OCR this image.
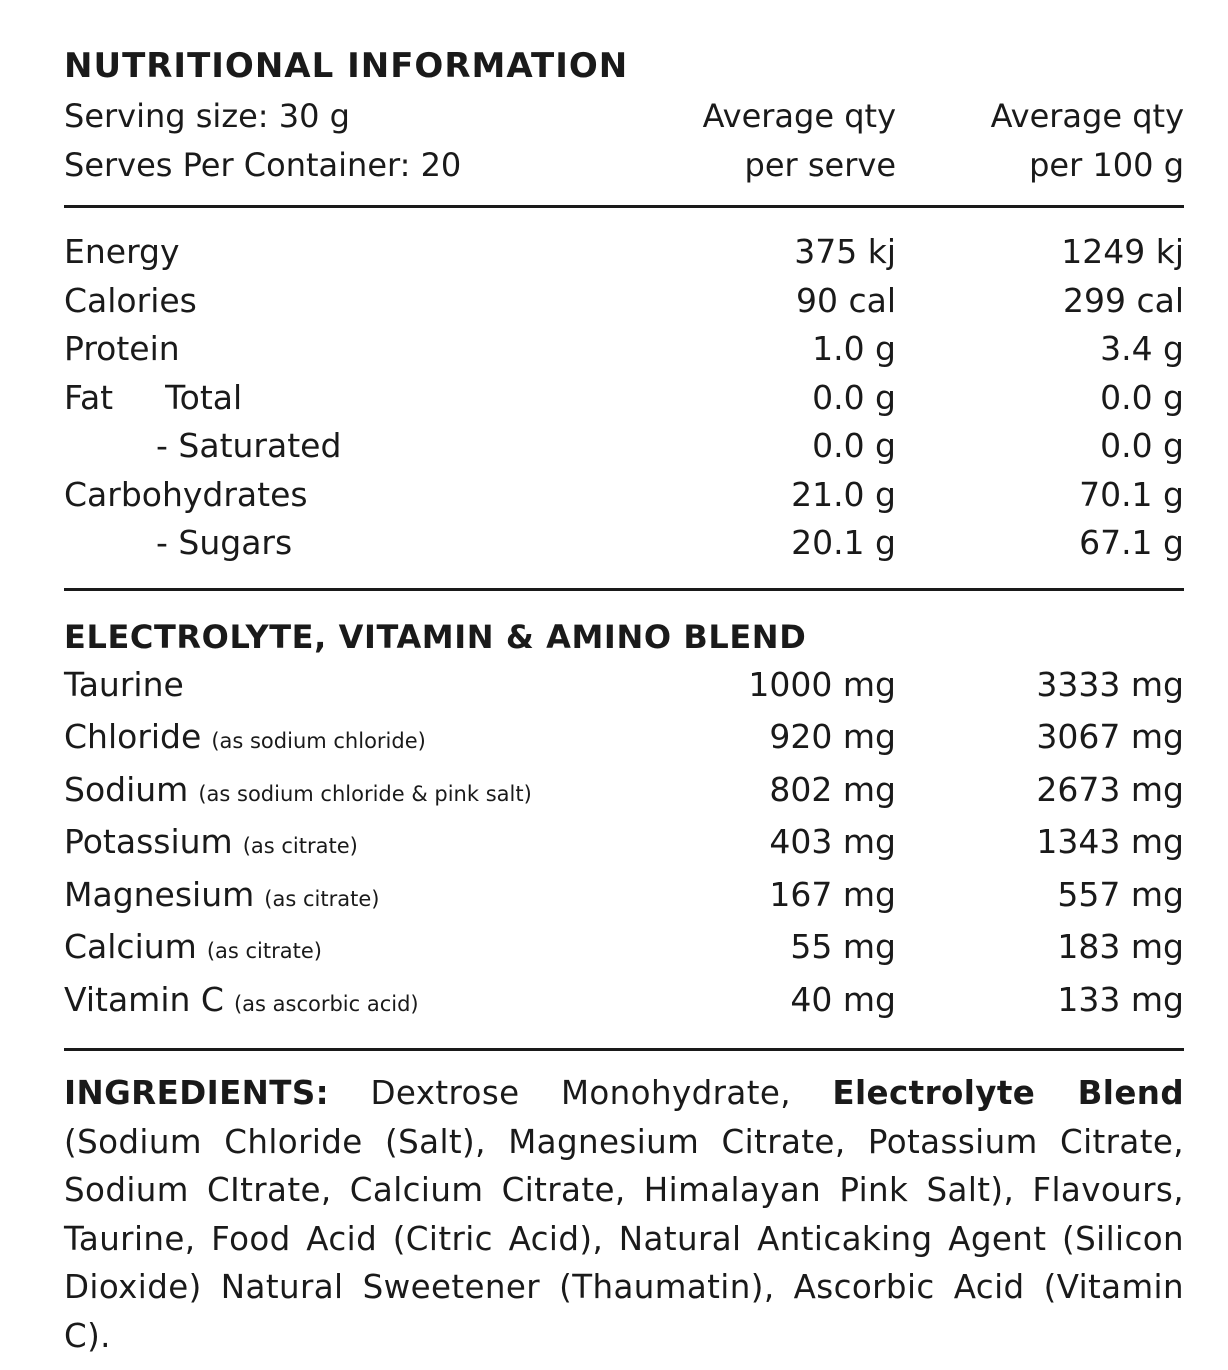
NUTRITIONAL INFORMATION
Serving size: 30 g	Average qty	Average qty
Serves Per Container: 20	per serve	per 100 g
Energy	375 kj	1249 kj
Calories	90 cal	299 cal
Protein	1.0 g	3.4 g
Fat Total	0.0 g	0.0 g
- Saturated	0.0 g	0.0 g
Carbohydrates	21.0 g	70.1 g
- Sugars	20.1 g	67.1 g
ELECTROLYTE, VITAMIN & AMINO BLEND
Taurine	1000 mg	3333 mg
Chloride (as sodium chloride)	920 mg	3067 mg
Sodium (as sodium chloride & pink salt)	802 mg	2673 mg
Potassium (as citrate)	403 mg	1343 mg
Magnesium (as citrate)	167 mg	557 mg
Calcium (as citrate)	55 mg	183 mg
Vitamin C (as ascorbic acid)	40 mg	133 mg

INGREDIENTS: Dextrose Monohydrate, Electrolyte Blend (Sodium Chloride (Salt), Magnesium Citrate, Potassium Citrate, Sodium CItrate, Calcium Citrate, Himalayan Pink Salt), Flavours, Taurine, Food Acid (Citric Acid), Natural Anticaking Agent (Silicon Dioxide) Natural Sweetener (Thaumatin), Ascorbic Acid (Vitamin C).
